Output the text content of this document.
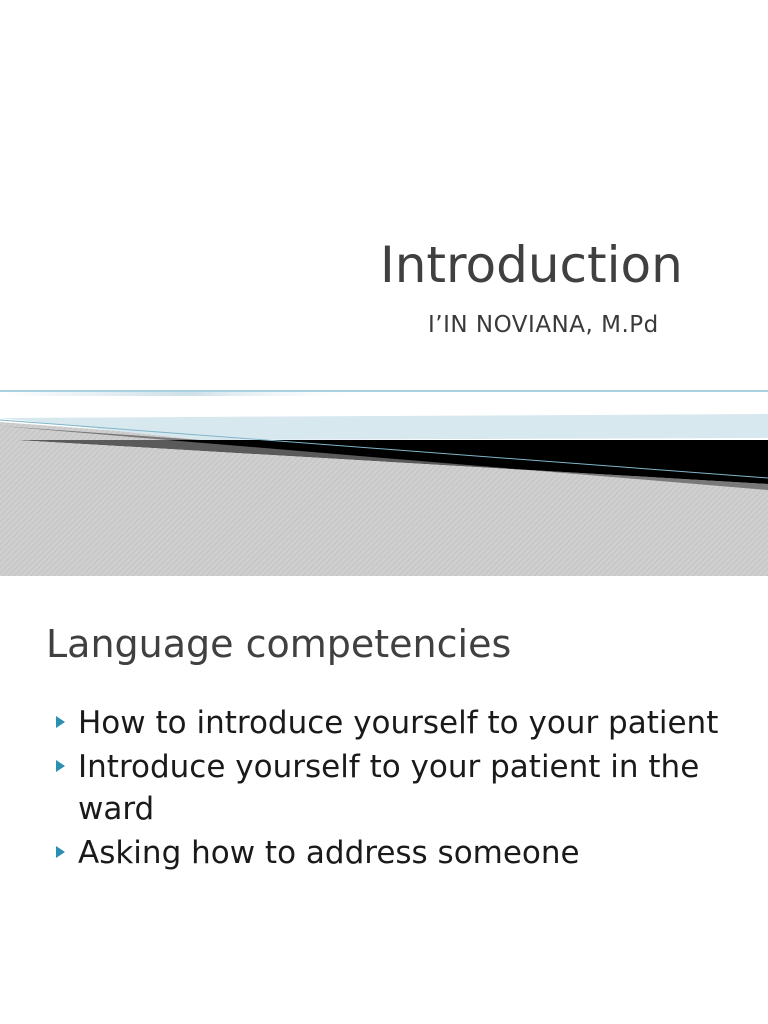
Introduction
I’IN NOVIANA, M.Pd
Language competencies
How to introduce yourself to your patient
Introduce yourself to your patient in the ward
Asking how to address someone
